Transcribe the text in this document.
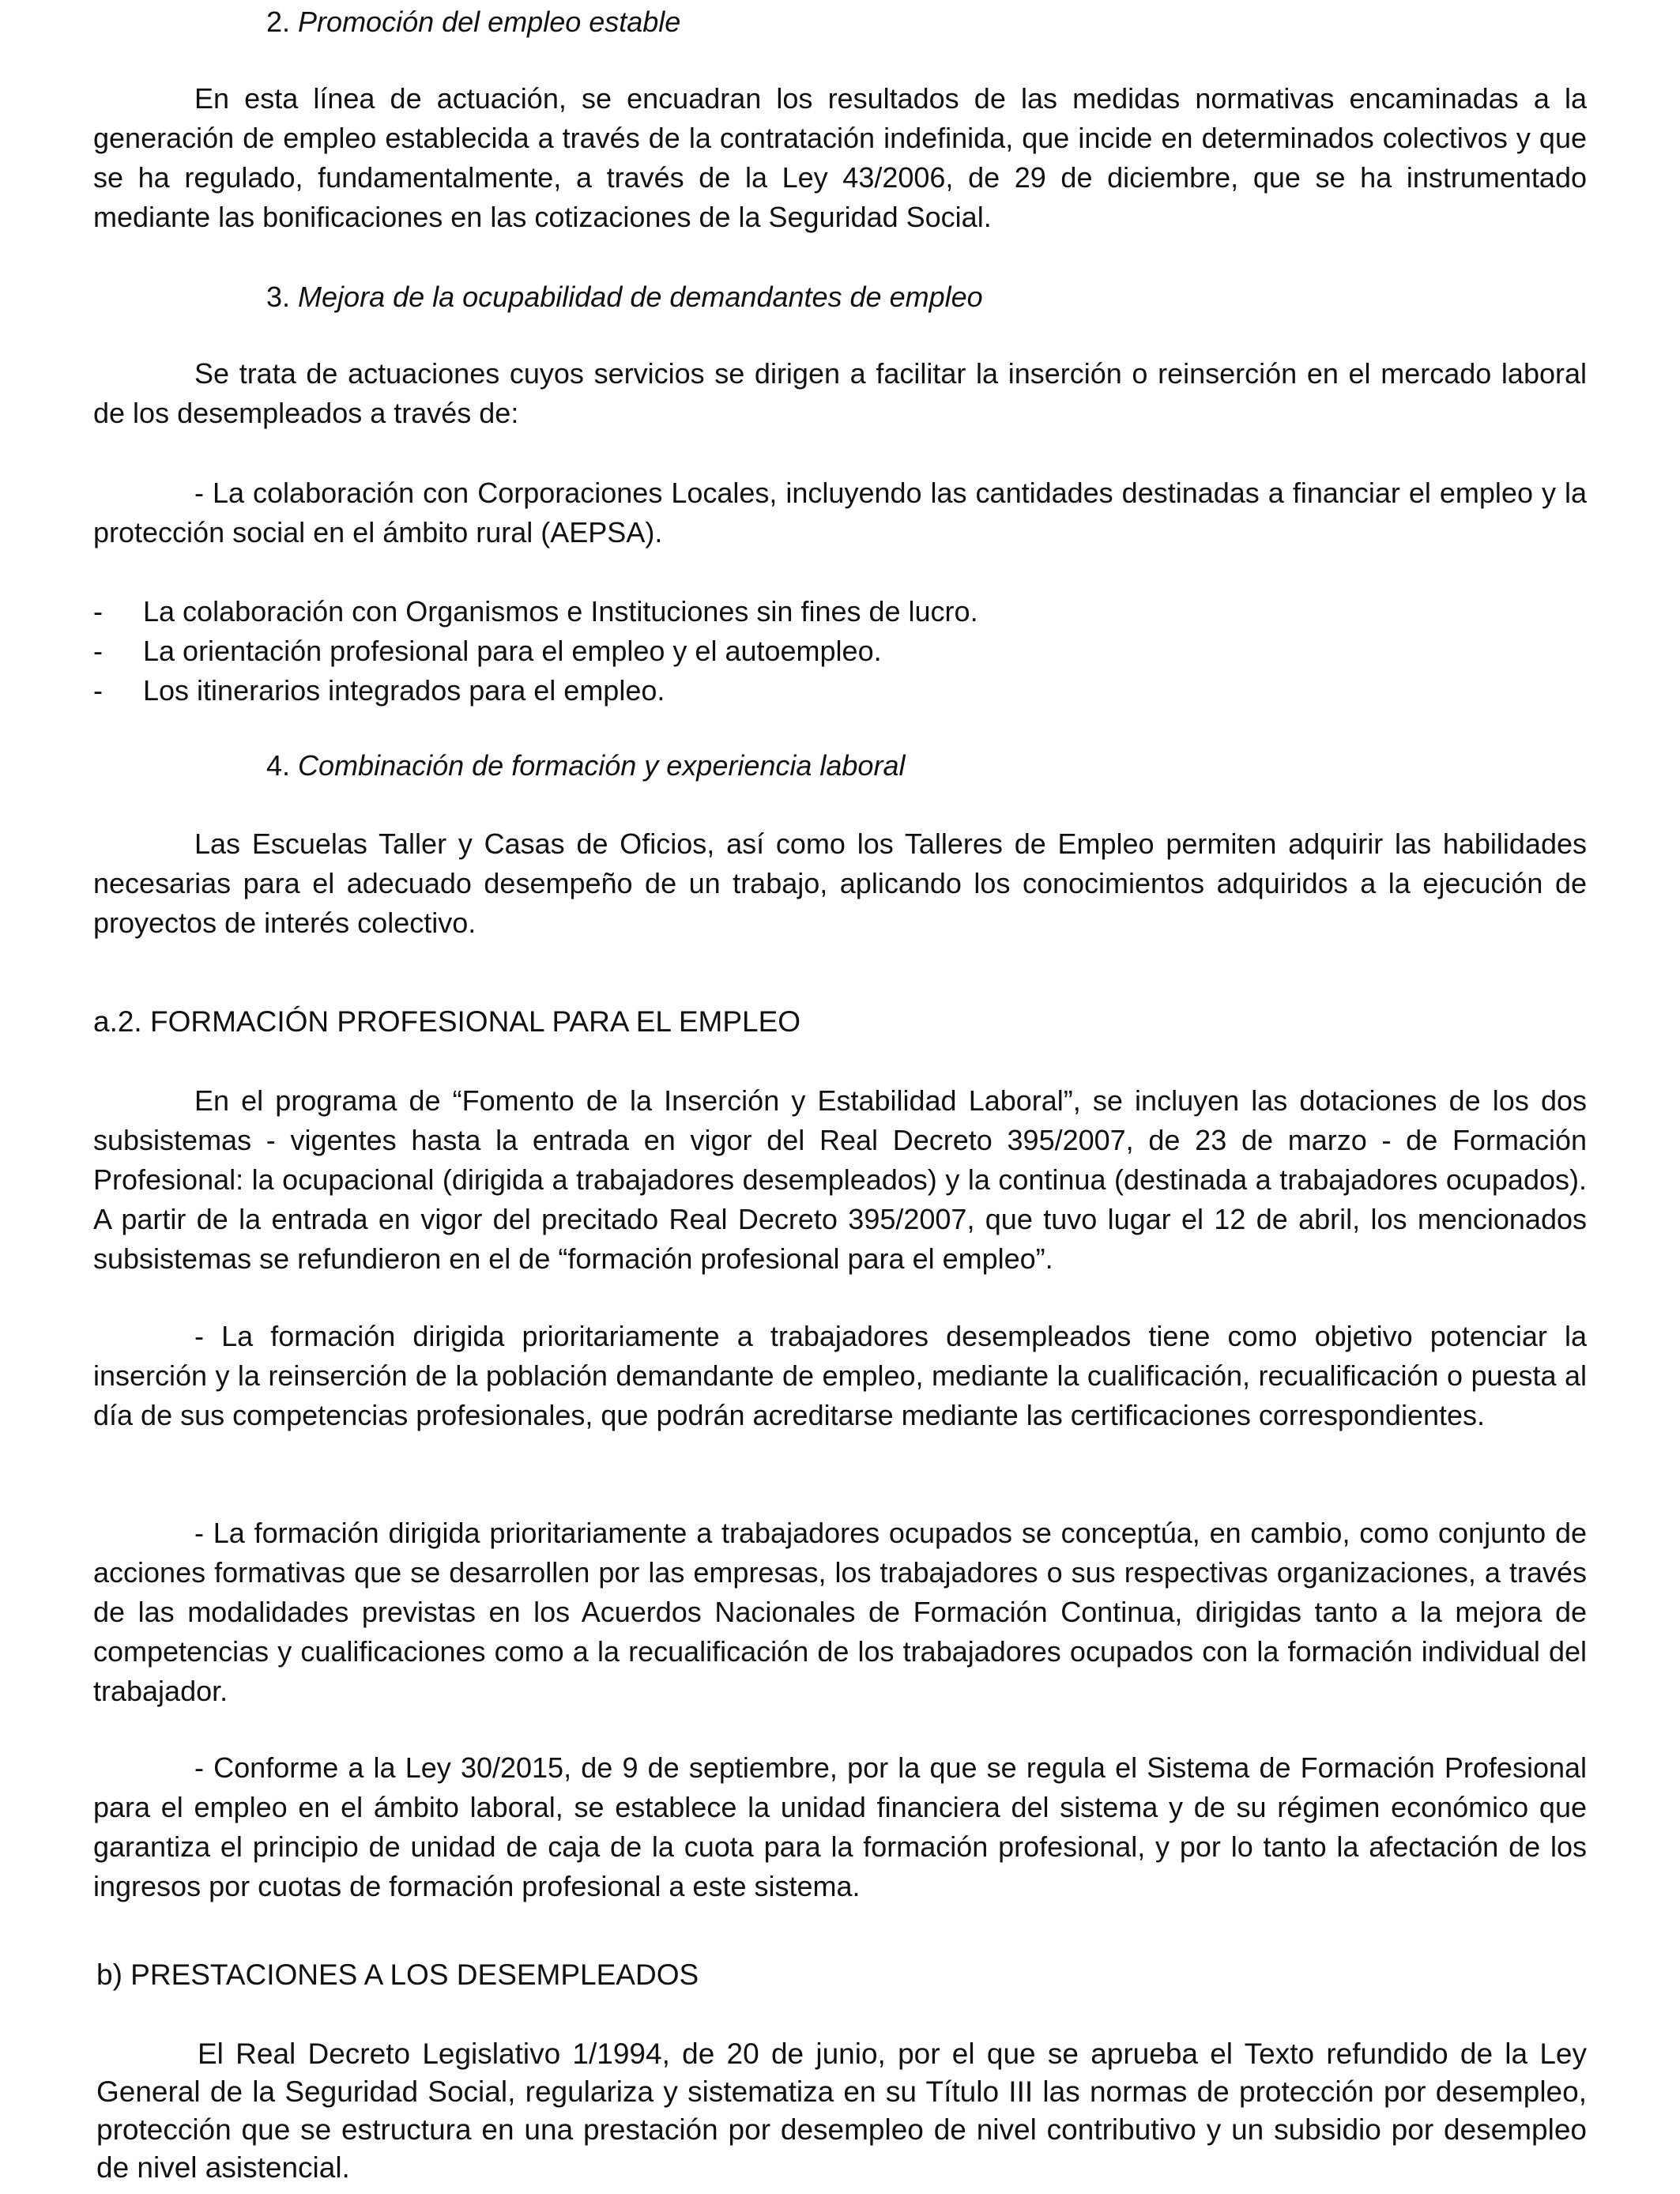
2. Promoción del empleo estable

En esta línea de actuación, se encuadran los resultados de las medidas normativas encaminadas a la generación de empleo establecida a través de la contratación indefinida, que incide en determinados colectivos y que se ha regulado, fundamentalmente, a través de la Ley 43/2006, de 29 de diciembre, que se ha instrumentado mediante las bonificaciones en las cotizaciones de la Seguridad Social.

3. Mejora de la ocupabilidad de demandantes de empleo

Se trata de actuaciones cuyos servicios se dirigen a facilitar la inserción o reinserción en el mercado laboral de los desempleados a través de:

- La colaboración con Corporaciones Locales, incluyendo las cantidades destinadas a financiar el empleo y la protección social en el ámbito rural (AEPSA).

- La colaboración con Organismos e Instituciones sin fines de lucro.
- La orientación profesional para el empleo y el autoempleo.
- Los itinerarios integrados para el empleo.
4. Combinación de formación y experiencia laboral

Las Escuelas Taller y Casas de Oficios, así como los Talleres de Empleo permiten adquirir las habilidades necesarias para el adecuado desempeño de un trabajo, aplicando los conocimientos adquiridos a la ejecución de proyectos de interés colectivo.

a.2. FORMACIÓN PROFESIONAL PARA EL EMPLEO

En el programa de “Fomento de la Inserción y Estabilidad Laboral”, se incluyen las dotaciones de los dos subsistemas - vigentes hasta la entrada en vigor del Real Decreto 395/2007, de 23 de marzo - de Formación Profesional: la ocupacional (dirigida a trabajadores desempleados) y la continua (destinada a trabajadores ocupados). A partir de la entrada en vigor del precitado Real Decreto 395/2007, que tuvo lugar el 12 de abril, los mencionados subsistemas se refundieron en el de “formación profesional para el empleo”.

- La formación dirigida prioritariamente a trabajadores desempleados tiene como objetivo potenciar la inserción y la reinserción de la población demandante de empleo, mediante la cualificación, recualificación o puesta al día de sus competencias profesionales, que podrán acreditarse mediante las certificaciones correspondientes.

- La formación dirigida prioritariamente a trabajadores ocupados se conceptúa, en cambio, como conjunto de acciones formativas que se desarrollen por las empresas, los trabajadores o sus respectivas organizaciones, a través de las modalidades previstas en los Acuerdos Nacionales de Formación Continua, dirigidas tanto a la mejora de competencias y cualificaciones como a la recualificación de los trabajadores ocupados con la formación individual del trabajador.

- Conforme a la Ley 30/2015, de 9 de septiembre, por la que se regula el Sistema de Formación Profesional para el empleo en el ámbito laboral, se establece la unidad financiera del sistema y de su régimen económico que garantiza el principio de unidad de caja de la cuota para la formación profesional, y por lo tanto la afectación de los ingresos por cuotas de formación profesional a este sistema.

b) PRESTACIONES A LOS DESEMPLEADOS

El Real Decreto Legislativo 1/1994, de 20 de junio, por el que se aprueba el Texto refundido de la Ley General de la Seguridad Social, regulariza y sistematiza en su Título III las normas de protección por desempleo, protección que se estructura en una prestación por desempleo de nivel contributivo y un subsidio por desempleo de nivel asistencial.
